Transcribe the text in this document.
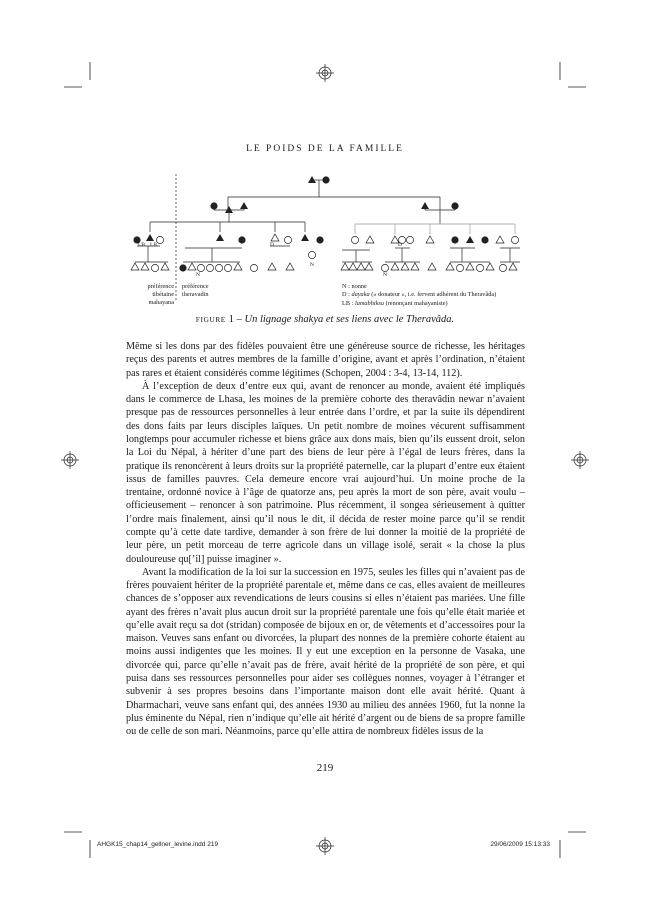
LE POIDS DE LA FAMILLE
LB LB	D
N
N
N
D
préférence
tibétaine
mahayana
préférence
theravadin
N : nonne
D : dayaka (« donateur », i.e. fervent adhérent du Theravâda)
LB : lamabhiksu (renonçant mahayaniste)
FIGURE 1 – Un lignage shakya et ses liens avec le Theravâda.

Même si les dons par des fidèles pouvaient être une généreuse source de richesse, les héritages reçus des parents et autres membres de la famille d’origine, avant et après l’ordination, n’étaient pas rares et étaient considérés comme légitimes (Schopen, 2004 : 3-4, 13-14, 112).

À l’exception de deux d’entre eux qui, avant de renoncer au monde, avaient été impliqués dans le commerce de Lhasa, les moines de la première cohorte des theravâdin newar n’avaient presque pas de ressources personnelles à leur entrée dans l’ordre, et par la suite ils dépendirent des dons faits par leurs disciples laïques. Un petit nombre de moines vécurent suffisamment longtemps pour accumuler richesse et biens grâce aux dons mais, bien qu’ils eussent droit, selon la Loi du Népal, à hériter d’une part des biens de leur père à l’égal de leurs frères, dans la pratique ils renoncèrent à leurs droits sur la propriété paternelle, car la plupart d’entre eux étaient issus de familles pauvres. Cela demeure encore vrai aujourd’hui. Un moine proche de la trentaine, ordonné novice à l’âge de quatorze ans, peu après la mort de son père, avait voulu – officieusement – renoncer à son patrimoine. Plus récemment, il songea sérieusement à quitter l’ordre mais finalement, ainsi qu’il nous le dit, il décida de rester moine parce qu’il se rendit compte qu’à cette date tardive, demander à son frère de lui donner la moitié de la propriété de leur père, un petit morceau de terre agricole dans un village isolé, serait « la chose la plus douloureuse qu[’il] puisse imaginer ».

Avant la modification de la loi sur la succession en 1975, seules les filles qui n’avaient pas de frères pouvaient hériter de la propriété parentale et, même dans ce cas, elles avaient de meilleures chances de s’opposer aux revendications de leurs cousins si elles n’étaient pas mariées. Une fille ayant des frères n’avait plus aucun droit sur la propriété parentale une fois qu’elle était mariée et qu’elle avait reçu sa dot (stridan) composée de bijoux en or, de vêtements et d’accessoires pour la maison. Veuves sans enfant ou divorcées, la plupart des nonnes de la première cohorte étaient au moins aussi indigentes que les moines. Il y eut une exception en la personne de Vasaka, une divorcée qui, parce qu’elle n’avait pas de frère, avait hérité de la propriété de son père, et qui puisa dans ses ressources personnelles pour aider ses collègues nonnes, voyager à l’étranger et subvenir à ses propres besoins dans l’importante maison dont elle avait hérité. Quant à Dharmachari, veuve sans enfant qui, des années 1930 au milieu des années 1960, fut la nonne la plus éminente du Népal, rien n’indique qu’elle ait hérité d’argent ou de biens de sa propre famille ou de celle de son mari. Néanmoins, parce qu’elle attira de nombreux fidèles issus de la

219
AHGK15_chap14_gellner_levine.indd 219	29/06/2009 15:13:33
